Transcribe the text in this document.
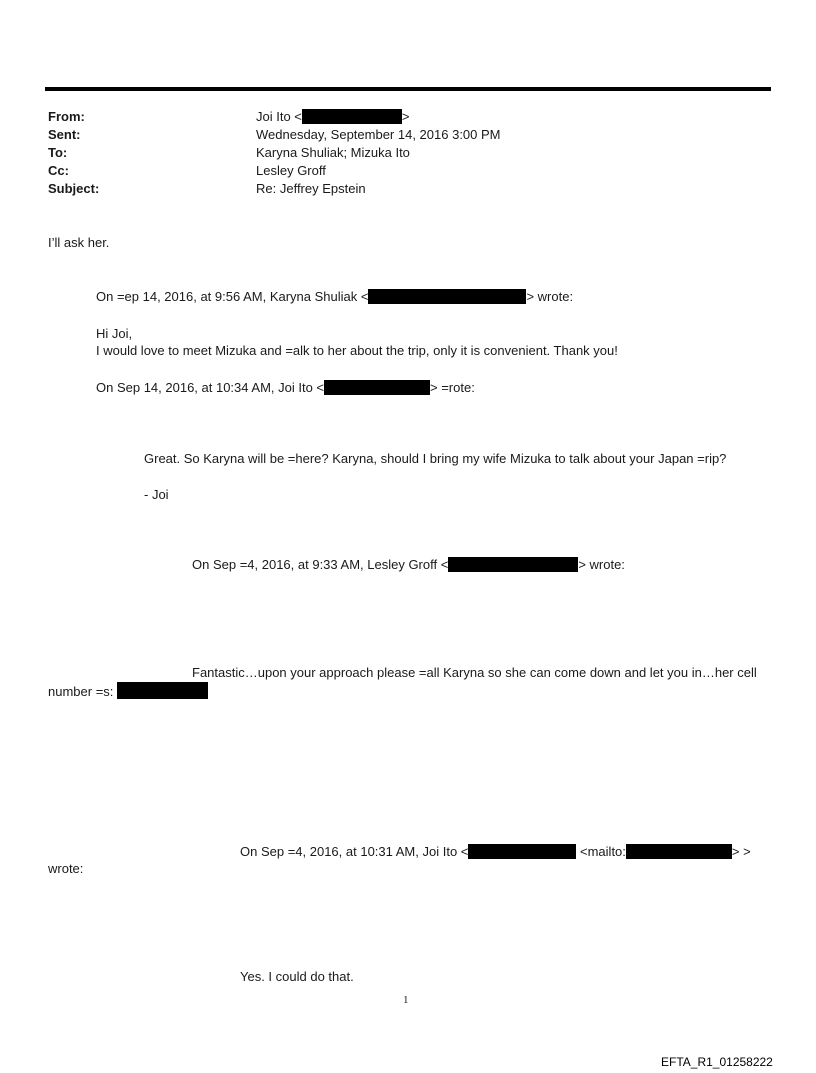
From:	Joi Ito <	>
Sent:	Wednesday, September 14, 2016 3:00 PM
To:	Karyna Shuliak; Mizuka Ito
Cc:	Lesley Groff
Subject:	Re: Jeffrey Epstein
I’ll ask her.
On =ep 14, 2016, at 9:56 AM, Karyna Shuliak <	> wrote:
Hi Joi,
I would love to meet Mizuka and =alk to her about the trip, only it is convenient. Thank you!
On Sep 14, 2016, at 10:34 AM, Joi Ito <	> =rote:
Great. So Karyna will be =here? Karyna, should I bring my wife Mizuka to talk about your Japan =rip?
- Joi
On Sep =4, 2016, at 9:33 AM, Lesley Groff <	> wrote:
Fantastic…upon your approach please =all Karyna so she can come down and let you in…her cell
number =s:
On Sep =4, 2016, at 10:31 AM, Joi Ito <	<mailto:	> >
wrote:
Yes. I could do that.
1
EFTA_R1_01258222
